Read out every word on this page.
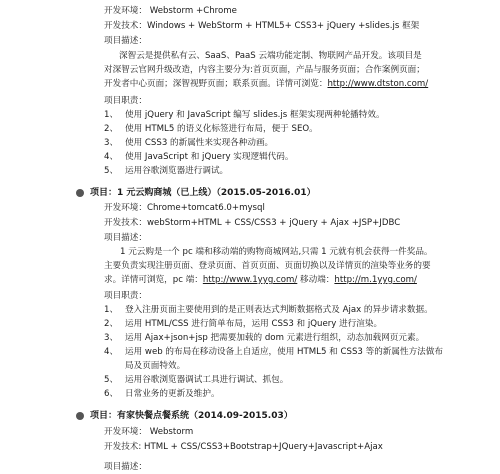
开发环境： Webstorm +Chrome
开发技术：Windows + WebStorm + HTML5+ CSS3+ jQuery +slides.js 框架
项目描述：
深智云是提供私有云、SaaS、PaaS 云端功能定制、物联网产品开发。该项目是对深智云官网升级改造，内容主要分为:首页页面，产品与服务页面；合作案例页面；开发者中心页面；深智视野页面；联系页面。详情可浏览：http://www.dtston.com/
项目职责：
1、 使用 jQuery 和 JavaScript 编写 slides.js 框架实现两种轮播特效。
2、 使用 HTML5 的语义化标签进行布局，便于 SEO。
3、 使用 CSS3 的新属性来实现各种动画。
4、 使用 JavaScript 和 jQuery 实现逻辑代码。
5、 运用谷歌浏览器进行调试。
项目：1 元云购商城（已上线）（2015.05-2016.01）
开发环境：Chrome+tomcat6.0+mysql
开发技术：webStorm+HTML + CSS/CSS3 + jQuery + Ajax +JSP+JDBC
项目描述：
1 元云购是一个 pc 端和移动端的购物商城网站,只需 1 元就有机会获得一件奖品。主要负责实现注册页面、登录页面、首页页面、页面切换以及详情页的渲染等业务的要求。详情可浏览，pc 端：http://www.1yyg.com/ 移动端：http://m.1yyg.com/
项目职责：
1、 登入注册页面主要使用到的是正则表达式判断数据格式及 Ajax 的异步请求数据。
2、 运用 HTML/CSS 进行简单布局，运用 CSS3 和 jQuery 进行渲染。
3、 运用 Ajax+json+jsp 把需要加载的 dom 元素进行组织，动态加载网页元素。
4、 运用 web 的布局在移动设备上自适应，使用 HTML5 和 CSS3 等的新属性方法做布
局及页面特效。
5、 运用谷歌浏览器调试工具进行调试、抓包。
6、 日常业务的更新及维护。
项目：有家快餐点餐系统（2014.09-2015.03）
开发环境： Webstorm
开发技术: HTML + CSS/CSS3+Bootstrap+JQuery+Javascript+Ajax
项目描述：
